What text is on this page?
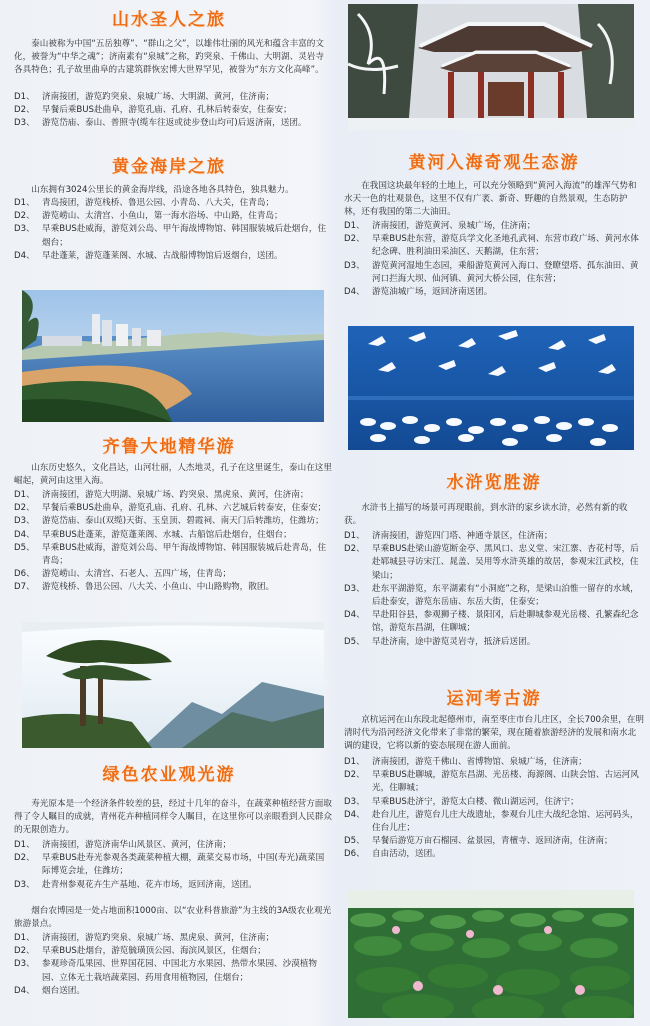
山水圣人之旅

泰山被称为中国“五岳独尊”、“群山之父”，以雄伟壮丽的风光和蕴含丰富的文化，被誉为“中华之魂”；济南素有“泉城”之称，趵突泉、千佛山、大明湖、灵岩寺各具特色；孔子故里曲阜的古建筑群恢宏博大世界罕见，被誉为“东方文化高峰”。

D1、 济南接团，游览趵突泉、泉城广场、大明湖、黄河，住济南；
D2、 早餐后乘BUS赴曲阜，游览孔庙、孔府、孔林后转泰安，住泰安；
D3、 游览岱庙、泰山、普照寺(缆车往返或徒步登山均可)后返济南，送团。
黄金海岸之旅

山东拥有3024公里长的黄金海岸线，沿途各地各具特色，独具魅力。

D1、 青岛接团，游览栈桥、鲁迅公园、小青岛、八大关，住青岛；
D2、 游览崂山、太清宫、小鱼山，第一海水浴场、中山路，住青岛；
D3、 早乘BUS赴威海，游览刘公岛、甲午海战博物馆、韩国服装城后赴烟台，住烟台；
D4、 早赴蓬莱，游览蓬莱阁、水城、古战船博物馆后返烟台，送团。
齐鲁大地精华游

山东历史悠久，文化昌达，山河壮丽，人杰地灵，孔子在这里诞生，泰山在这里崛起，黄河由这里入海。

D1、 济南接团，游览大明湖、泉城广场、趵突泉、黑虎泉、黄河，住济南；
D2、 早餐后乘BUS赴曲阜，游览孔庙、孔府、孔林、六艺城后转泰安，住泰安；
D3、 游览岱庙、泰山(双缆)天街、玉皇顶、碧霞祠、南天门后转潍坊，住潍坊；
D4、 早乘BUS赴蓬莱，游览蓬莱阁、水城、古船馆后赴烟台，住烟台；
D5、 早乘BUS赴威海，游览刘公岛、甲午海战博物馆、韩国服装城后赴青岛，住青岛；
D6、 游览崂山、太清宫、石老人、五四广场，住青岛；
D7、 游览栈桥、鲁迅公园、八大关、小鱼山、中山路购物，散团。
绿色农业观光游

寿光原本是一个经济条件较差的县，经过十几年的奋斗，在蔬菜种植经营方面取得了令人瞩目的成就，青州花卉种植同样令人瞩目，在这里你可以亲眼看到人民群众的无限创造力。

D1、 济南接团，游览济南华山风景区、黄河，住济南；
D2、 早乘BUS赴寿光参观各类蔬菜种植大棚，蔬菜交易市场，中国(寿光)蔬菜国际博览会址，住潍坊；
D3、 赴青州参观花卉生产基地、花卉市场，返回济南，送团。

烟台农博园是一处占地面积1000亩、以“农业科普旅游”为主线的3A级农业观光旅游景点。

D1、 济南接团，游览趵突泉、泉城广场、黑虎泉、黄河，住济南；
D2、 早乘BUS赴烟台，游览毓璜顶公园、海滨风景区，住烟台；
D3、 参观珍奇瓜果园、世界国花园、中国北方水果园、热带水果园、沙漠植物园、立体无土栽培蔬菜园、药用食用植物园，住烟台；
D4、 烟台送团。
黄河入海奇观生态游

在我国这块最年轻的土地上，可以充分领略到“黄河入海流”的雄浑气势和水天一色的壮观景色，这里不仅有广袤、新奇、野趣的自然景观，生态防护林，还有我国的第二大油田。

D1、 济南接团，游览黄河、泉城广场，住济南；
D2、 早乘BUS赴东营，游览兵学文化圣地孔武祠、东营市政广场、黄河水体纪念碑、胜利油田采油区、天鹅湖，住东营；
D3、 游览黄河湿地生态园，乘船游览黄河入海口、登瞭望塔、孤东油田、黄河口拦海大坝、仙河镇、黄河大桥公园，住东营；
D4、 游览油城广场，返回济南送团。
水浒览胜游

水浒书上描写的场景可再现眼前，到水浒的家乡读水浒，必然有新的收获。

D1、 济南接团，游览四门塔、神通寺景区，住济南；
D2、 早乘BUS赴梁山游览断金亭、黑风口、忠义堂、宋江寨、杏花村等，后赴郓城县寻访宋江、晁盖、吴用等水浒英雄的故居，参观宋江武校，住梁山；
D3、 赴东平湖游览，东平湖素有“小洞庭”之称，是梁山泊惟一留存的水域，后赴泰安，游览东岳庙、东岳大街，住泰安；
D4、 早赴阳谷县，参观狮子楼、景阳冈，后赴聊城参观光岳楼、孔繁森纪念馆，游览东昌湖，住聊城；
D5、 早赴济南，途中游览灵岩寺，抵济后送团。
运河考古游

京杭运河在山东段北起德州市，南至枣庄市台儿庄区，全长700余里，在明清时代为沿河经济文化带来了非常的繁荣，现在随着旅游经济的发展和南水北调的建设，它将以新的姿态展现在游人面前。

D1、 济南接团，游览千佛山、省博物馆、泉城广场，住济南；
D2、 早乘BUS赴聊城，游览东昌湖、光岳楼、海源阁、山陕会馆、古运河风光，住聊城；
D3、 早乘BUS赴济宁，游览太白楼、微山湖运河，住济宁；
D4、 赴台儿庄，游览台儿庄大战遗址，参观台儿庄大战纪念馆、运河码头，住台儿庄；
D5、 早餐后游览万亩石榴园、盆景园，青檀寺、返回济南，住济南；
D6、 自由活动，送团。
